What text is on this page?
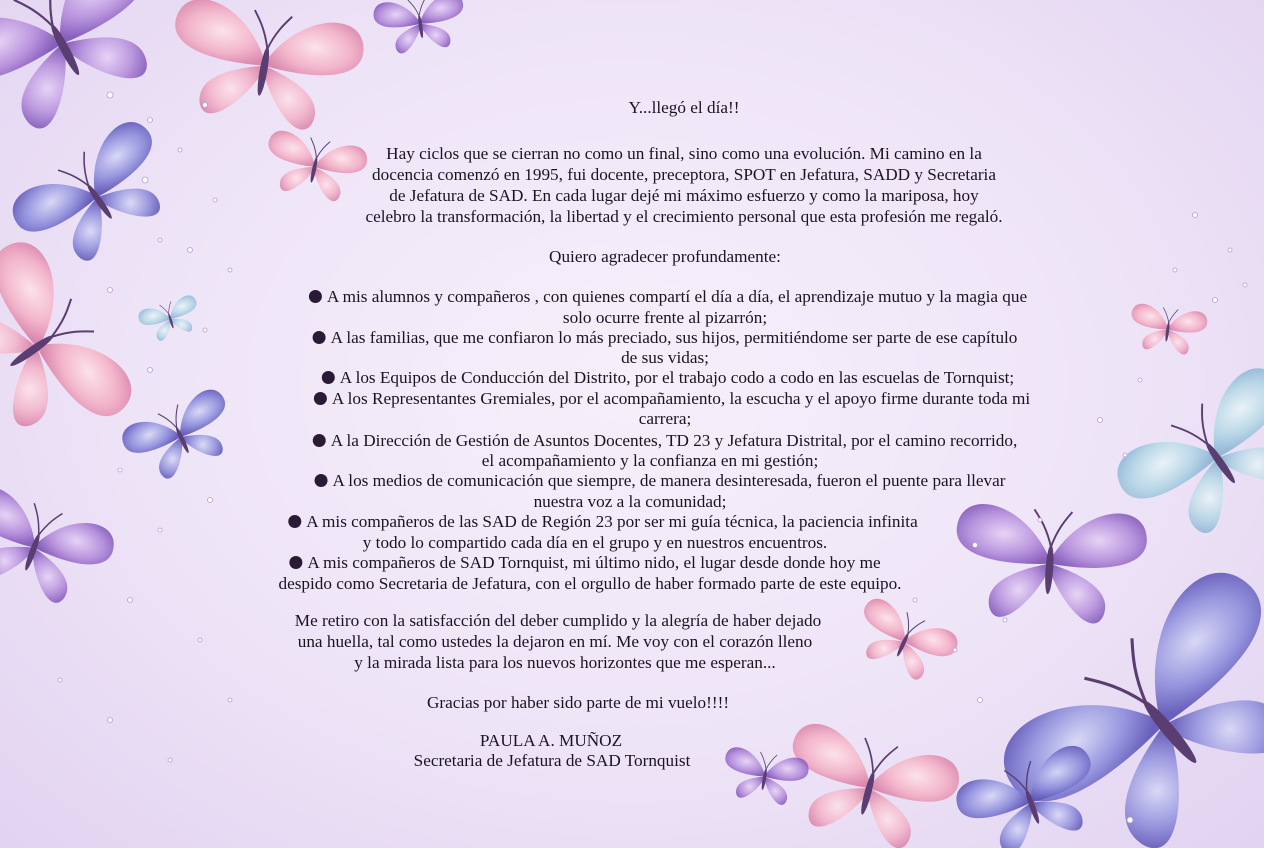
Y...llegó el día!!
Hay ciclos que se cierran no como un final, sino como una evolución. Mi camino en la
docencia comenzó en 1995, fui docente, preceptora, SPOT en Jefatura, SADD y Secretaria
de Jefatura de SAD. En cada lugar dejé mi máximo esfuerzo y como la mariposa, hoy
celebro la transformación, la libertad y el crecimiento personal que esta profesión me regaló.
Quiero agradecer profundamente:
A mis alumnos y compañeros , con quienes compartí el día a día, el aprendizaje mutuo y la magia que
solo ocurre frente al pizarrón;
A las familias, que me confiaron lo más preciado, sus hijos, permitiéndome ser parte de ese capítulo
de sus vidas;
A los Equipos de Conducción del Distrito, por el trabajo codo a codo en las escuelas de Tornquist;
A los Representantes Gremiales, por el acompañamiento, la escucha y el apoyo firme durante toda mi
carrera;
A la Dirección de Gestión de Asuntos Docentes, TD 23 y Jefatura Distrital, por el camino recorrido,
el acompañamiento y la confianza en mi gestión;
A los medios de comunicación que siempre, de manera desinteresada, fueron el puente para llevar
nuestra voz a la comunidad;
A mis compañeros de las SAD de Región 23 por ser mi guía técnica, la paciencia infinita
y todo lo compartido cada día en el grupo y en nuestros encuentros.
A mis compañeros de SAD Tornquist, mi último nido, el lugar desde donde hoy me
despido como Secretaria de Jefatura, con el orgullo de haber formado parte de este equipo.
Me retiro con la satisfacción del deber cumplido y la alegría de haber dejado
una huella, tal como ustedes la dejaron en mí. Me voy con el corazón lleno
y la mirada lista para los nuevos horizontes que me esperan...
Gracias por haber sido parte de mi vuelo!!!!
PAULA A. MUÑOZ
Secretaria de Jefatura de SAD Tornquist
